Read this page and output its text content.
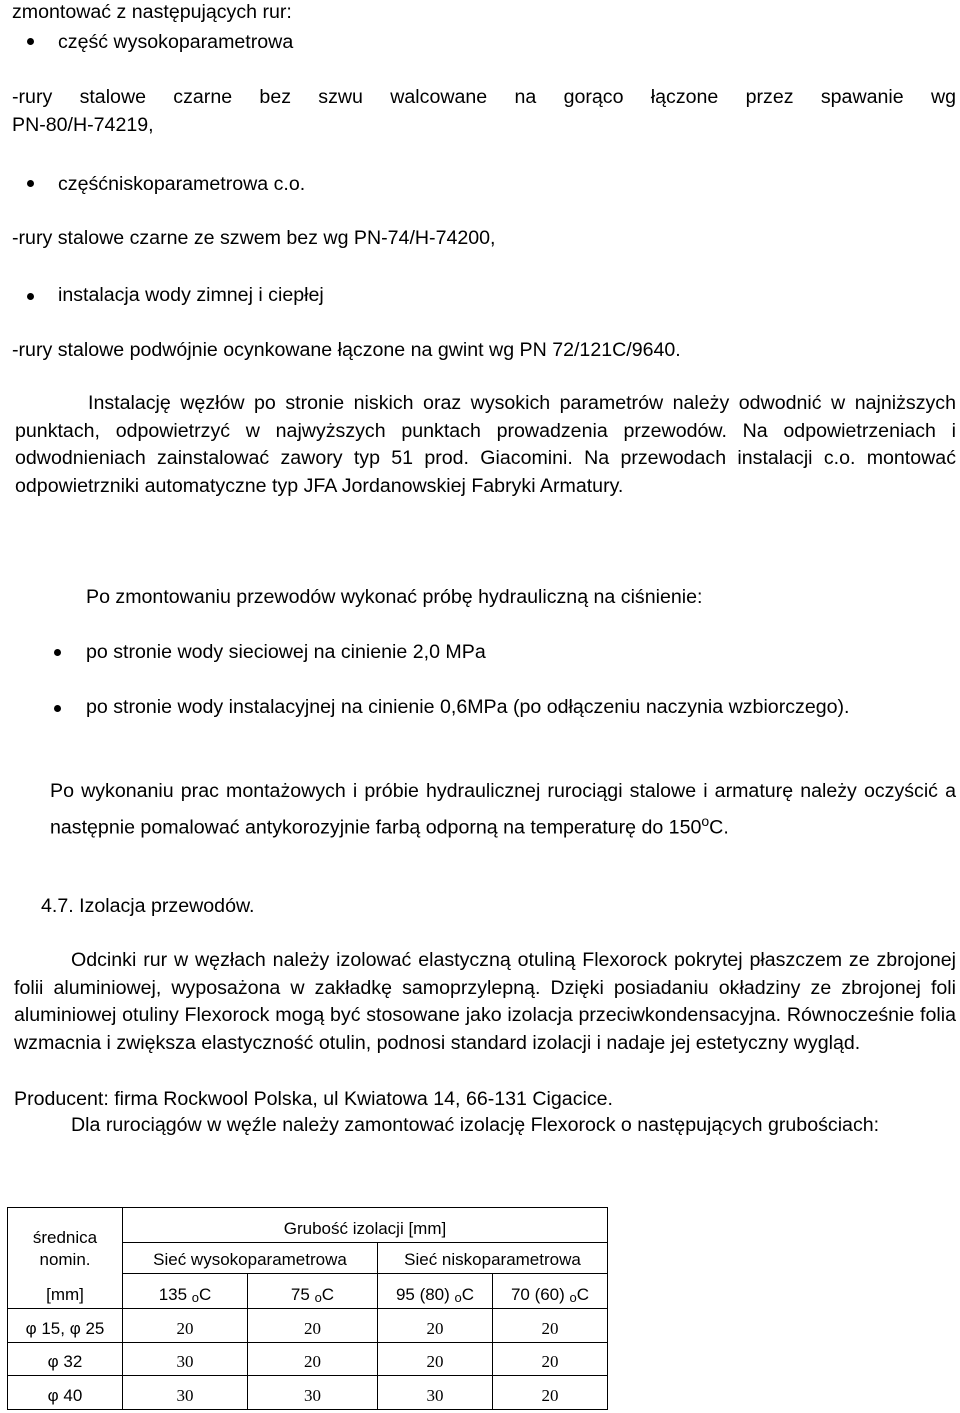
zmontować z następujących rur:
część wysokoparametrowa
-rury stalowe czarne bez szwu walcowane na gorąco łączone przez spawanie wg
PN-80/H-74219,
częśćniskoparametrowa c.o.
-rury stalowe czarne ze szwem bez wg PN-74/H-74200,
instalacja wody zimnej i ciepłej
-rury stalowe podwójnie ocynkowane łączone na gwint wg PN 72/121C/9640.
Instalację węzłów po stronie niskich oraz wysokich parametrów należy odwodnić w najniższych punktach, odpowietrzyć w najwyższych punktach prowadzenia przewodów. Na odpowietrzeniach i odwodnieniach zainstalować zawory typ 51 prod. Giacomini. Na przewodach instalacji c.o. montować odpowietrzniki automatyczne typ JFA Jordanowskiej Fabryki Armatury.
Po zmontowaniu przewodów wykonać próbę hydrauliczną na ciśnienie:
po stronie wody sieciowej na cinienie 2,0 MPa
po stronie wody instalacyjnej na cinienie 0,6MPa (po odłączeniu naczynia wzbiorczego).
Po wykonaniu prac montażowych i próbie hydraulicznej rurociągi stalowe i armaturę należy oczyścić a następnie pomalować antykorozyjnie farbą odporną na temperaturę do 150$^o$C.
4.7. Izolacja przewodów.
Odcinki rur w węzłach należy izolować elastyczną otuliną Flexorock pokrytej płaszczem ze zbrojonej folii aluminiowej, wyposażona w zakładkę samoprzylepną. Dzięki posiadaniu okładziny ze zbrojonej foli aluminiowej otuliny Flexorock mogą być stosowane jako izolacja przeciwkondensacyjna. Równocześnie folia wzmacnia i zwiększa elastyczność otulin, podnosi standard izolacji i nadaje jej estetyczny wygląd.
Producent: firma Rockwool Polska, ul Kwiatowa 14, 66-131 Cigacice.
Dla rurociągów w węźle należy zamontować izolację Flexorock o następujących grubościach:
średnica
nomin.	Grubość izolacji [mm]			
	Sieć wysokoparametrowa		Sieć niskoparametrowa	
[mm]	135 oC	75 oC	95 (80) oC	70 (60) oC
φ 15, φ 25	20	20	20	20
φ 32	30	20	20	20
φ 40	30	30	30	20
